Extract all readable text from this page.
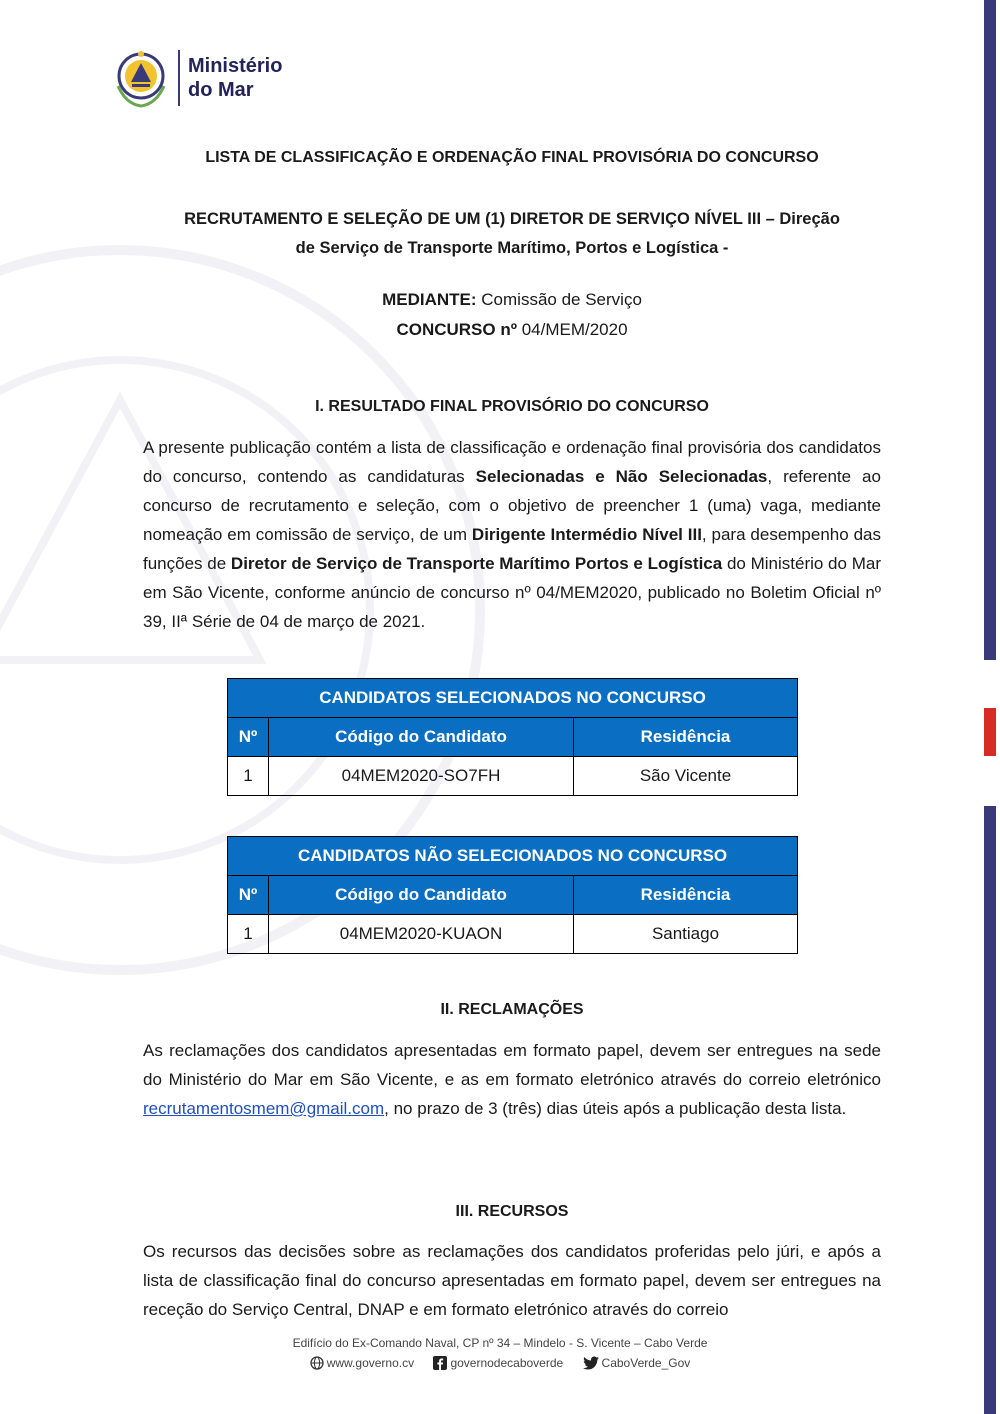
Ministério
do Mar
LISTA DE CLASSIFICAÇÃO E ORDENAÇÃO FINAL PROVISÓRIA DO CONCURSO
RECRUTAMENTO E SELEÇÃO DE UM (1) DIRETOR DE SERVIÇO NÍVEL III – Direção
de Serviço de Transporte Marítimo, Portos e Logística -
MEDIANTE: Comissão de Serviço
CONCURSO nº 04/MEM/2020
I. RESULTADO FINAL PROVISÓRIO DO CONCURSO
A presente publicação contém a lista de classificação e ordenação final provisória dos candidatos do concurso, contendo as candidaturas Selecionadas e Não Selecionadas, referente ao concurso de recrutamento e seleção, com o objetivo de preencher 1 (uma) vaga, mediante nomeação em comissão de serviço, de um Dirigente Intermédio Nível III, para desempenho das funções de Diretor de Serviço de Transporte Marítimo Portos e Logística do Ministério do Mar em São Vicente, conforme anúncio de concurso nº 04/MEM2020, publicado no Boletim Oficial nº 39, IIª Série de 04 de março de 2021.
CANDIDATOS SELECIONADOS NO CONCURSO		
Nº	Código do Candidato	Residência
1	04MEM2020-SO7FH	São Vicente
CANDIDATOS NÃO SELECIONADOS NO CONCURSO		
Nº	Código do Candidato	Residência
1	04MEM2020-KUAON	Santiago
II. RECLAMAÇÕES
As reclamações dos candidatos apresentadas em formato papel, devem ser entregues na sede do Ministério do Mar em São Vicente, e as em formato eletrónico através do correio eletrónico recrutamentosmem@gmail.com, no prazo de 3 (três) dias úteis após a publicação desta lista.
III. RECURSOS
Os recursos das decisões sobre as reclamações dos candidatos proferidas pelo júri, e após a lista de classificação final do concurso apresentadas em formato papel, devem ser entregues na receção do Serviço Central, DNAP e em formato eletrónico através do correio
Edifício do Ex-Comando Naval, CP nº 34 – Mindelo - S. Vicente – Cabo Verde
www.governo.cv	governodecaboverde	CaboVerde_Gov
